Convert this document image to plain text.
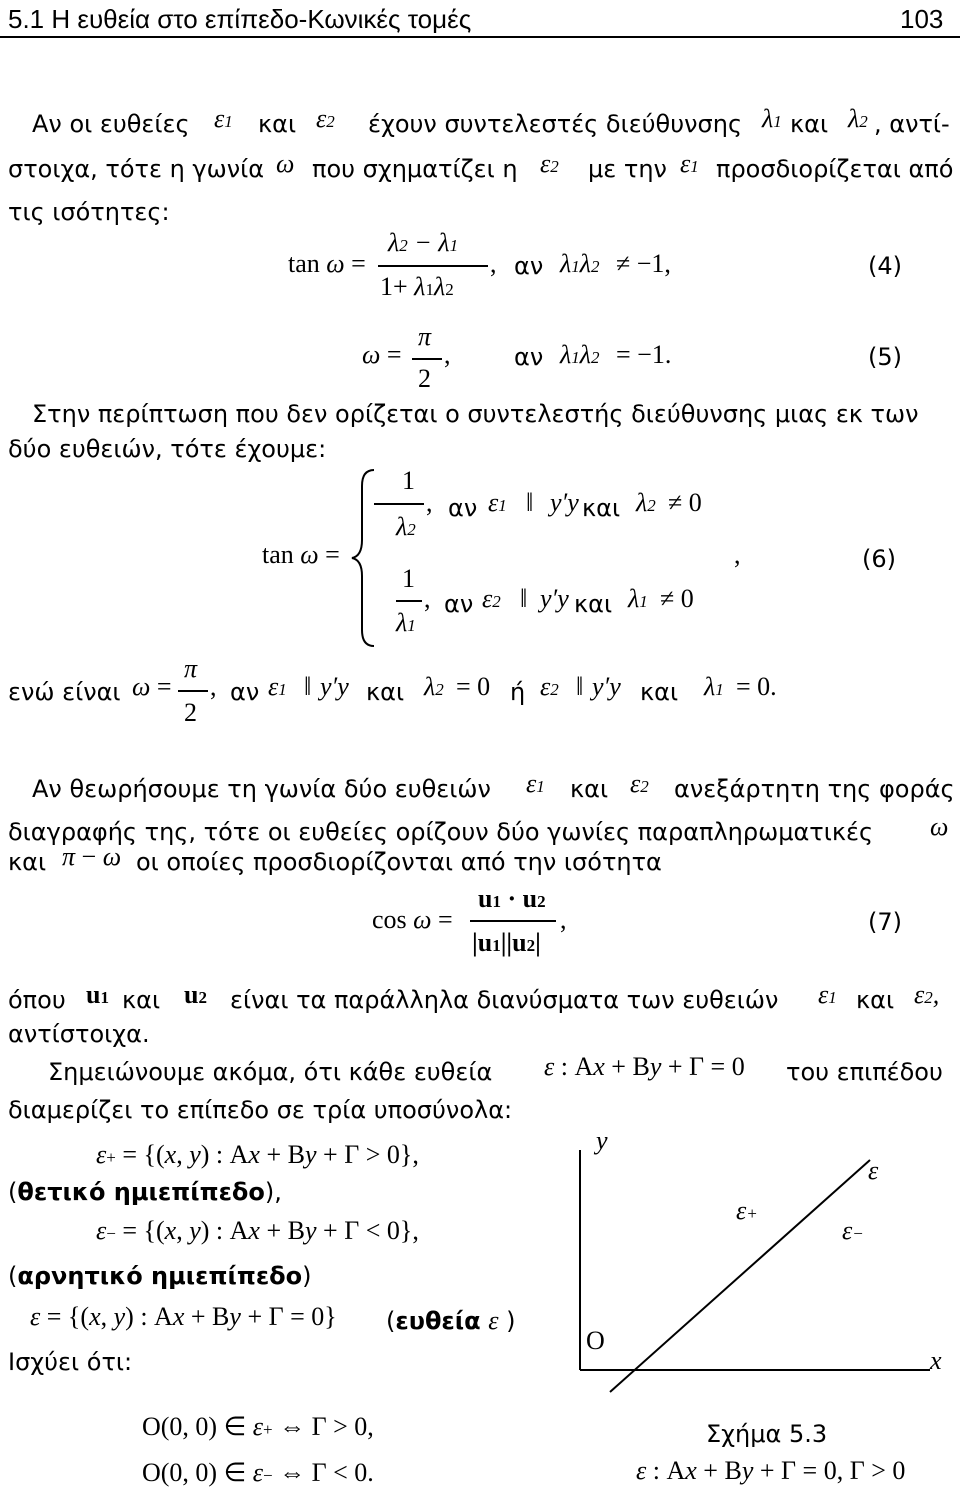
5.1 Η ευθεία στο επίπεδο-Κωνικές τομές	103
Αν οι ευθείες ε1 και ε2 έχουν συντελεστές διεύθυνσης λ1 και λ2 , αντί-
στοιχα, τότε η γωνία ω που σχηματίζει η ε2 με την ε1 προσδιορίζεται από
τις ισότητες:
tan ω =
λ2 − λ1
1+ λ1λ2
, αν λ1λ2 ≠ −1,	(4)
ω =
π
2
,	αν λ1λ2 = −1.	(5)
Στην περίπτωση που δεν ορίζεται ο συντελεστής διεύθυνσης μιας εκ των
δύο ευθειών, τότε έχουμε:
tan ω =
1
λ2
, αν ε1 ‖ y′y και λ2 ≠ 0
1
λ1
, αν ε2 ‖ y′y και λ1 ≠ 0
,	(6)
ενώ είναι ω =
π
2
, αν ε1 ‖ y′y και λ2 = 0 ή ε2 ‖ y′y και λ1 = 0.
Αν θεωρήσουμε τη γωνία δύο ευθειών ε1 και ε2 ανεξάρτητη της φοράς
διαγραφής της, τότε οι ευθείες ορίζουν δύο γωνίες παραπληρωματικές ω
και π − ω οι οποίες προσδιορίζονται από την ισότητα
cos ω =
u1 · u2
|u1||u2|
,	(7)
όπου u1 και u2 είναι τα παράλληλα διανύσματα των ευθειών ε1 και ε2,
αντίστοιχα.
Σημειώνουμε ακόμα, ότι κάθε ευθεία ε : Ax + By + Γ = 0 του επιπέδου
διαμερίζει το επίπεδο σε τρία υποσύνολα:
ε+ = {(x, y) : Ax + By + Γ > 0},
(θετικό ημιεπίπεδο),
ε− = {(x, y) : Ax + By + Γ < 0},
(αρνητικό ημιεπίπεδο)
ε = {(x, y) : Ax + By + Γ = 0} (ευθεία ε )
Ισχύει ότι:
O(0, 0) ∈ ε+ ⇔ Γ > 0,
O(0, 0) ∈ ε− ⇔ Γ < 0.
y
ε
ε+
ε−
O
x
Σχήμα 5.3
ε : Ax + By + Γ = 0, Γ > 0
